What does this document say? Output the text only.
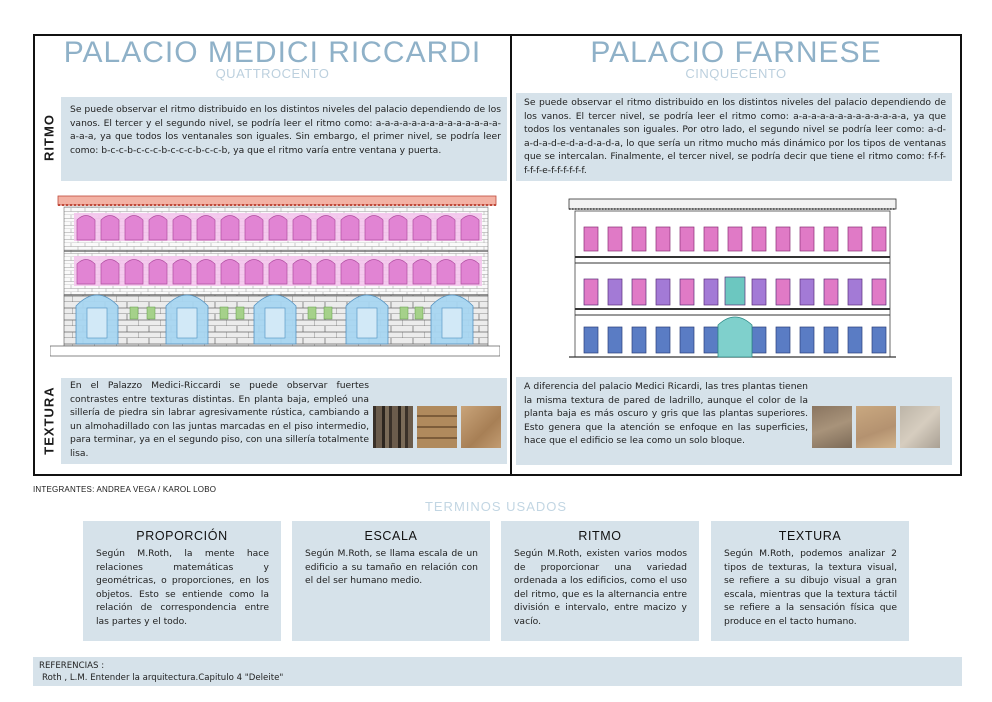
PALACIO MEDICI RICCARDI
QUATTROCENTO
PALACIO FARNESE
CINQUECENTO
RITMO
TEXTURA
Se puede observar el ritmo distribuido en los distintos niveles del palacio dependiendo de los vanos. El tercer y el segundo nivel, se podría leer el ritmo como: a-a-a-a-a-a-a-a-a-a-a-a-a-a-a-a-a, ya que todos los ventanales son iguales. Sin embargo, el primer nivel, se podría leer como: b-c-c-b-c-c-c-b-c-c-c-b-c-c-b, ya que el ritmo varía entre ventana y puerta.
Se puede observar el ritmo distribuido en los distintos niveles del palacio dependiendo de los vanos. El tercer nivel, se podría leer el ritmo como: a-a-a-a-a-a-a-a-a-a-a-a-a, ya que todos los ventanales son iguales. Por otro lado, el segundo nivel se podría leer como: a-d-a-d-a-d-e-d-a-d-a-d-a, lo que sería un ritmo mucho más dinámico por los tipos de ventanas que se intercalan. Finalmente, el tercer nivel, se podría decir que tiene el ritmo como: f-f-f-f-f-f-e-f-f-f-f-f-f.
En el Palazzo Medici-Riccardi se puede observar fuertes contrastes entre texturas distintas. En planta baja, empleó una sillería de piedra sin labrar agresivamente rústica, cambiando a un almohadillado con las juntas marcadas en el piso intermedio, para terminar, ya en el segundo piso, con una sillería totalmente lisa.
A diferencia del palacio Medici Ricardi, las tres plantas tienen la misma textura de pared de ladrillo, aunque el color de la planta baja es más oscuro y gris que las plantas superiores. Esto genera que la atención se enfoque en las superficies, hace que el edificio se lea como un solo bloque.
INTEGRANTES: ANDREA VEGA / KAROL LOBO
TERMINOS USADOS
PROPORCIÓN

Según M.Roth, la mente hace relaciones matemáticas y geométricas, o proporciones, en los objetos. Esto se entiende como la relación de correspondencia entre las partes y el todo.

ESCALA

Según M.Roth, se llama escala de un edificio a su tamaño en relación con el del ser humano medio.

RITMO

Según M.Roth, existen varios modos de proporcionar una variedad ordenada a los edificios, como el uso del ritmo, que es la alternancia entre división e intervalo, entre macizo y vacío.

TEXTURA

Según M.Roth, podemos analizar 2 tipos de texturas, la textura visual, se refiere a su dibujo visual a gran escala, mientras que la textura táctil se refiere a la sensación física que produce en el tacto humano.

REFERENCIAS :
Roth , L.M. Entender la arquitectura.Capitulo 4 "Deleite"
